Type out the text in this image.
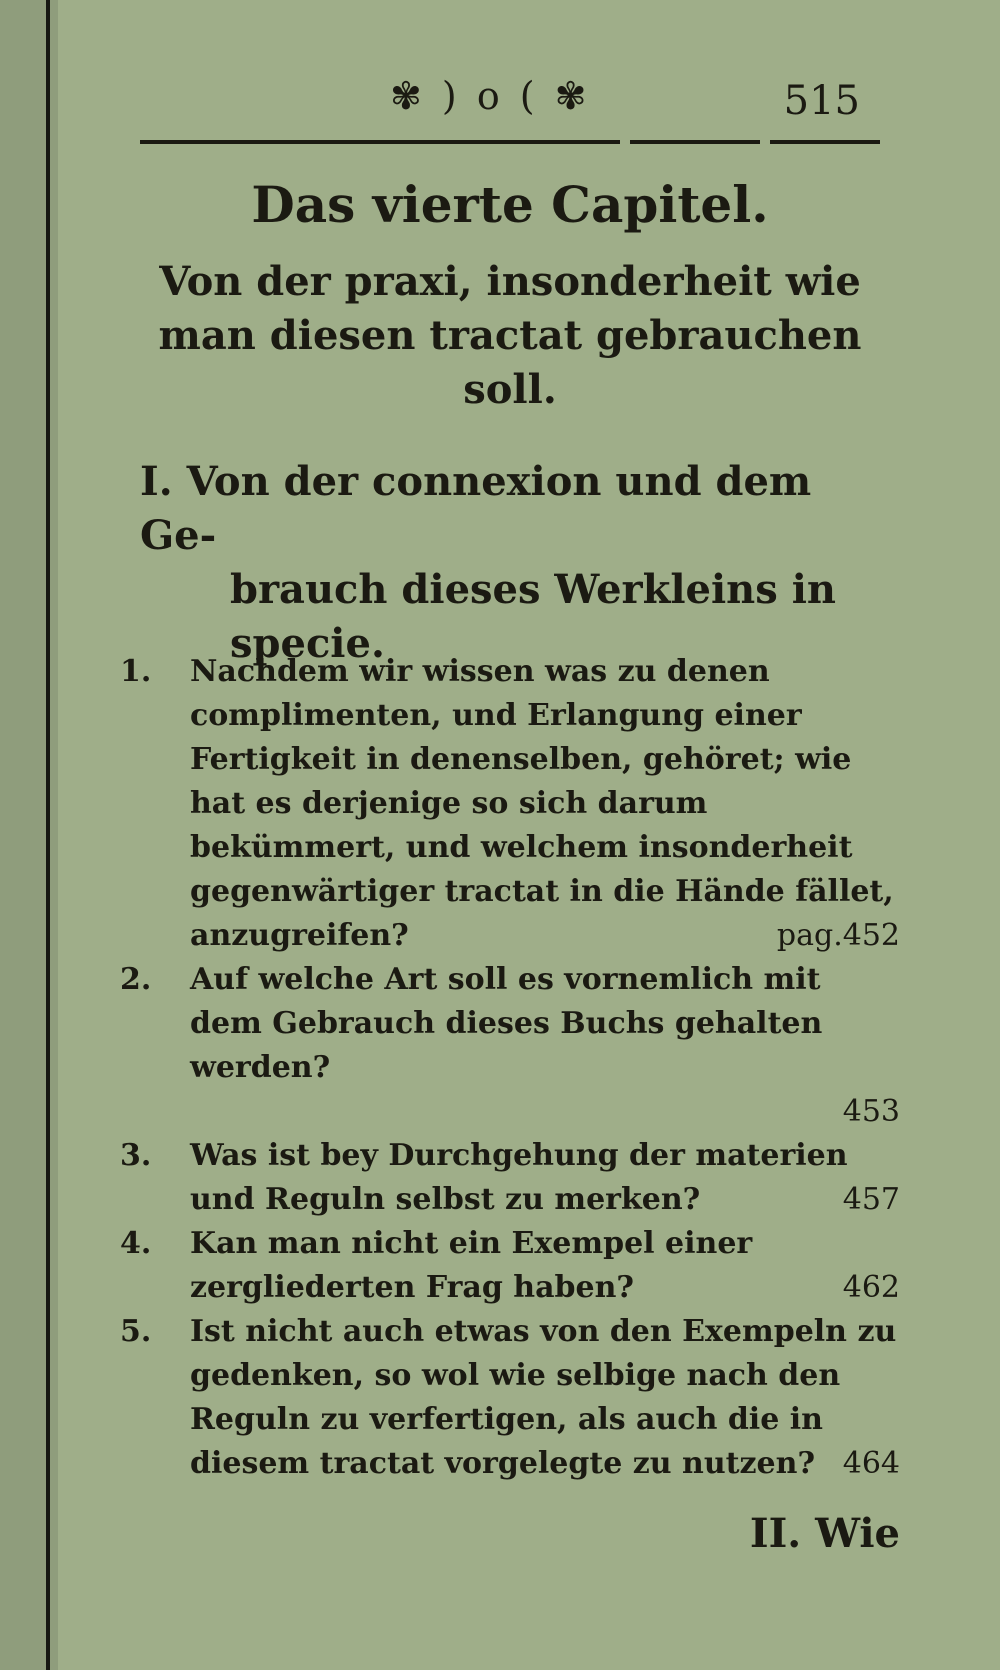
✾ ) o ( ✾	515
Das vierte Capitel.
Von der praxi, insonderheit wie
man diesen tractat gebrauchen
soll.
I. Von der connexion und dem Ge-
brauch dieses Werkleins in
specie.
1. Nachdem wir wissen was zu denen complimenten, und Erlangung einer Fertigkeit in denenselben, gehöret; wie hat es derjenige so sich darum bekümmert, und welchem insonderheit gegenwärtiger tractat in die Hände fället, anzugreifen?	pag.452
2. Auf welche Art soll es vornemlich mit dem Gebrauch dieses Buchs gehalten werden?
453
3. Was ist bey Durchgehung der materien und Reguln selbst zu merken?	457
4. Kan man nicht ein Exempel einer zergliederten Frag haben?	462
5. Ist nicht auch etwas von den Exempeln zu gedenken, so wol wie selbige nach den Reguln zu verfertigen, als auch die in diesem tractat vorgelegte zu nutzen? 464
II. Wie
